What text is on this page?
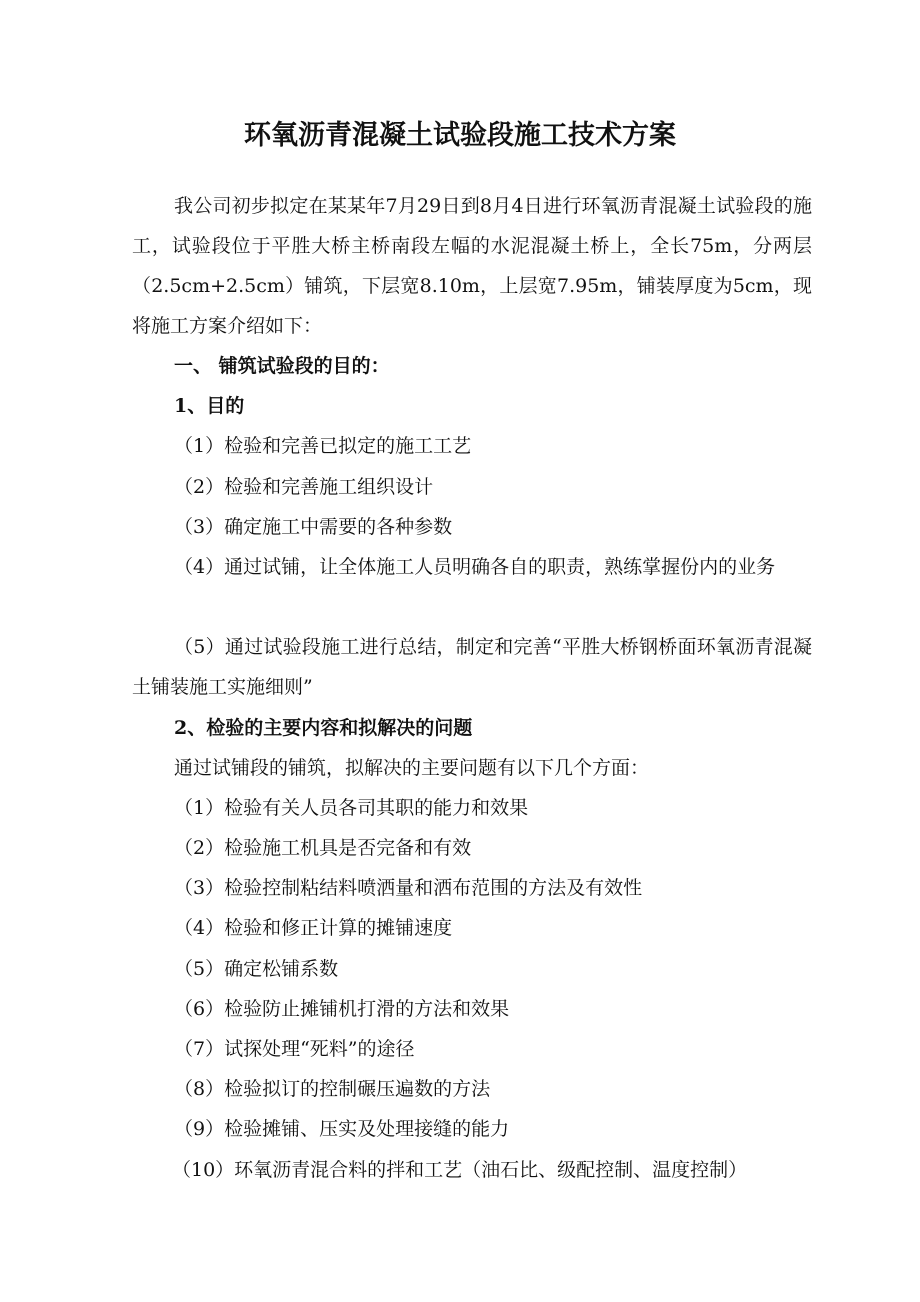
环氧沥青混凝土试验段施工技术方案
我公司初步拟定在某某年7月29日到8月4日进行环氧沥青混凝土试验段的施工，试验段位于平胜大桥主桥南段左幅的水泥混凝土桥上，全长75m，分两层（2.5cm+2.5cm）铺筑，下层宽8.10m，上层宽7.95m，铺装厚度为5cm，现将施工方案介绍如下：
一、 铺筑试验段的目的：
1、目的
（1）检验和完善已拟定的施工工艺
（2）检验和完善施工组织设计
（3）确定施工中需要的各种参数
（4）通过试铺，让全体施工人员明确各自的职责，熟练掌握份内的业务
（5）通过试验段施工进行总结，制定和完善“平胜大桥钢桥面环氧沥青混凝土铺装施工实施细则”
2、检验的主要内容和拟解决的问题
通过试铺段的铺筑，拟解决的主要问题有以下几个方面：
（1）检验有关人员各司其职的能力和效果
（2）检验施工机具是否完备和有效
（3）检验控制粘结料喷洒量和洒布范围的方法及有效性
（4）检验和修正计算的摊铺速度
（5）确定松铺系数
（6）检验防止摊铺机打滑的方法和效果
（7）试探处理“死料”的途径
（8）检验拟订的控制碾压遍数的方法
（9）检验摊铺、压实及处理接缝的能力
（10）环氧沥青混合料的拌和工艺（油石比、级配控制、温度控制）
